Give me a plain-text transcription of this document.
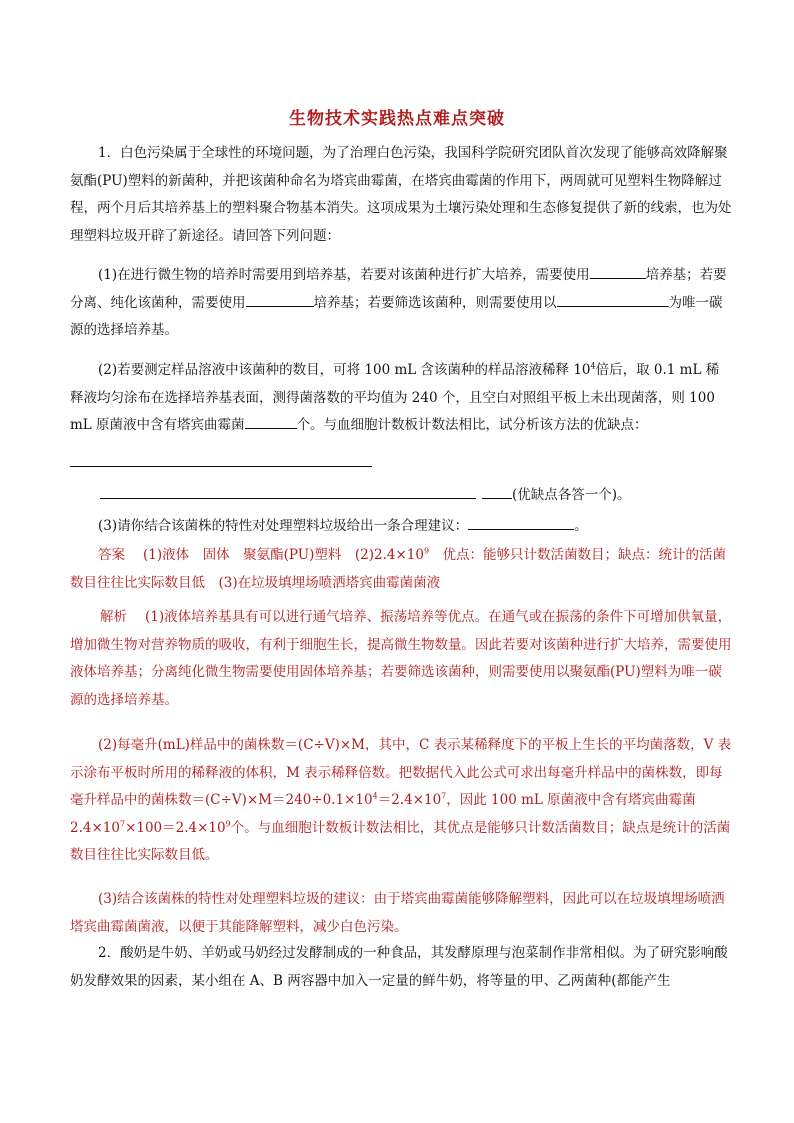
生物技术实践热点难点突破
1．白色污染属于全球性的环境问题，为了治理白色污染，我国科学院研究团队首次发现了能够高效降解聚氨酯(PU)塑料的新菌种，并把该菌种命名为塔宾曲霉菌，在塔宾曲霉菌的作用下，两周就可见塑料生物降解过程，两个月后其培养基上的塑料聚合物基本消失。这项成果为土壤污染处理和生态修复提供了新的线索，也为处理塑料垃圾开辟了新途径。请回答下列问题：
(1)在进行微生物的培养时需要用到培养基，若要对该菌种进行扩大培养，需要使用	培养基；若要分离、纯化该菌种，需要使用	培养基；若要筛选该菌种，则需要使用以	为唯一碳源的选择培养基。
(2)若要测定样品溶液中该菌种的数目，可将 100 mL 含该菌种的样品溶液稀释 $10^4$倍后，取 0.1 mL 稀释液均匀涂布在选择培养基表面，测得菌落数的平均值为 240 个，且空白对照组平板上未出现菌落，则 100 mL 原菌液中含有塔宾曲霉菌	个。与血细胞计数板计数法相比，试分析该方法的优缺点：
(优缺点各答一个)。
(3)请你结合该菌株的特性对处理塑料垃圾给出一条合理建议：	。
答案 (1)液体　固体　聚氨酯(PU)塑料　$(2)2.4\times 10^9$　优点：能够只计数活菌数目；缺点：统计的活菌数目往往比实际数目低　(3)在垃圾填埋场喷洒塔宾曲霉菌菌液
解析 (1)液体培养基具有可以进行通气培养、振荡培养等优点。在通气或在振荡的条件下可增加供氧量，增加微生物对营养物质的吸收，有利于细胞生长，提高微生物数量。因此若要对该菌种进行扩大培养，需要使用液体培养基；分离纯化微生物需要使用固体培养基；若要筛选该菌种，则需要使用以聚氨酯(PU)塑料为唯一碳源的选择培养基。
(2)每毫升(mL)样品中的菌株数＝(C÷V)×M，其中，C 表示某稀释度下的平板上生长的平均菌落数，V 表示涂布平板时所用的稀释液的体积，M 表示稀释倍数。把数据代入此公式可求出每毫升样品中的菌株数，即每毫升样品中的菌株数$=(C\div V)\times M=240\div 0.1\times 10^4=2.4\times 10^7$，因此 100 mL 原菌液中含有塔宾曲霉菌 $2.4\times 10^7\times 100=2.4\times 10^9$个。与血细胞计数板计数法相比，其优点是能够只计数活菌数目；缺点是统计的活菌数目往往比实际数目低。
(3)结合该菌株的特性对处理塑料垃圾的建议：由于塔宾曲霉菌能够降解塑料，因此可以在垃圾填埋场喷洒塔宾曲霉菌菌液，以便于其能降解塑料，减少白色污染。
2．酸奶是牛奶、羊奶或马奶经过发酵制成的一种食品，其发酵原理与泡菜制作非常相似。为了研究影响酸奶发酵效果的因素，某小组在 A、B 两容器中加入一定量的鲜牛奶，将等量的甲、乙两菌种(都能产生
